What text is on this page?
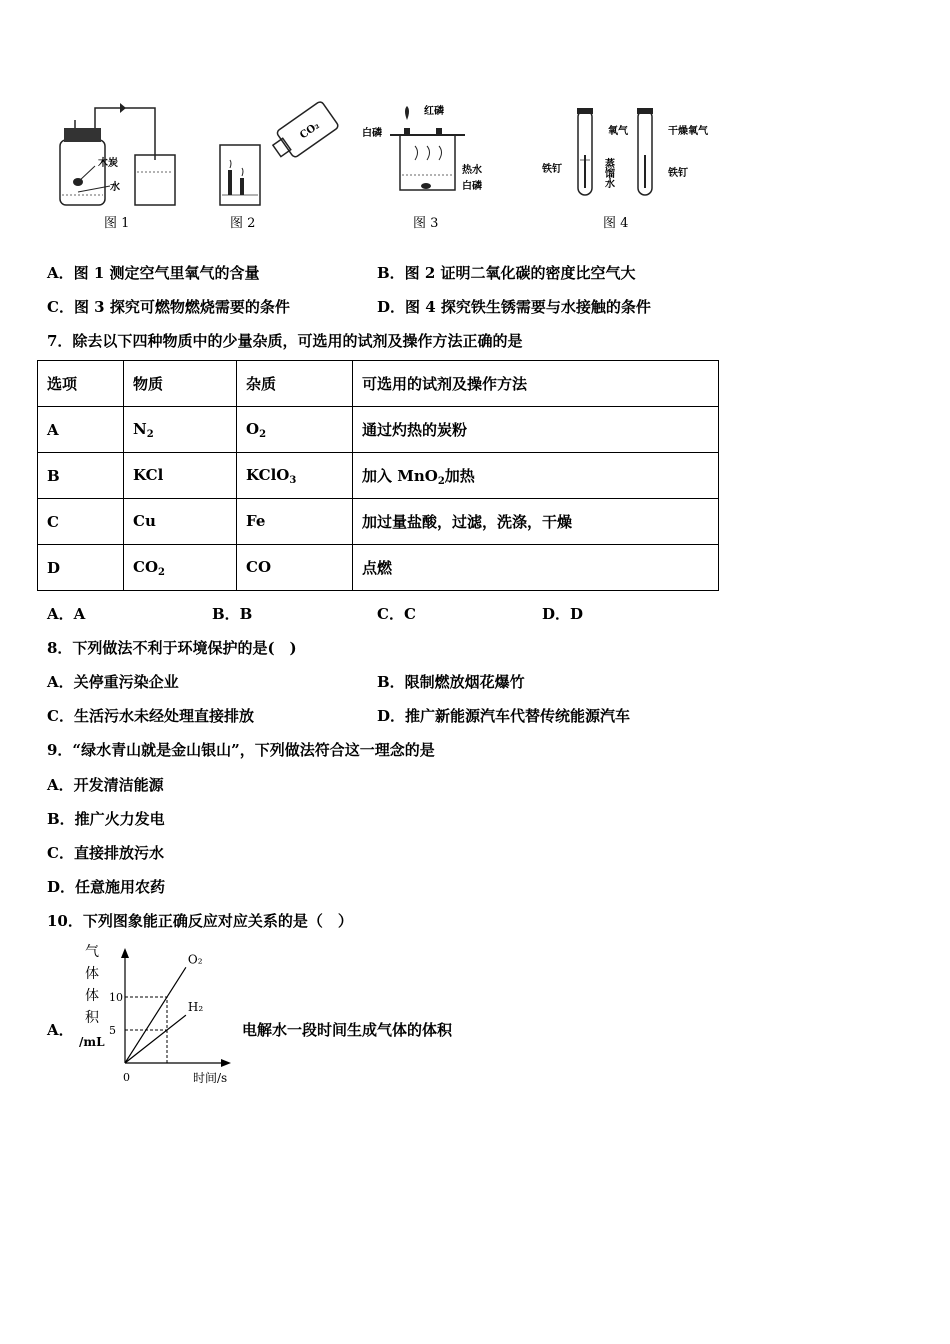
木炭
水
图 1
CO₂
图 2
红磷
白磷
热水
白磷
图 3
氧气
蒸馏水
铁钉
干燥氧气
铁钉
图 4
A．图 1 测定空气里氧气的含量	B．图 2 证明二氧化碳的密度比空气大
C．图 3 探究可燃物燃烧需要的条件	D．图 4 探究铁生锈需要与水接触的条件
7．除去以下四种物质中的少量杂质，可选用的试剂及操作方法正确的是
选项	物质	杂质	可选用的试剂及操作方法
A	$N_2$	$O_2$	通过灼热的炭粉
B	KCl	KClO$_3$	加入 MnO$_2$加热
C	Cu	Fe	加过量盐酸，过滤，洗涤，干燥
D	$CO_2$	CO	点燃
A．A	B．B	C．C	D．D
8．下列做法不利于环境保护的是(　)
A．关停重污染企业	B．限制燃放烟花爆竹
C．生活污水未经处理直接排放	D．推广新能源汽车代替传统能源汽车
9．“绿水青山就是金山银山”，下列做法符合这一理念的是
A．开发清洁能源
B．推广火力发电
C．直接排放污水
D．任意施用农药
10．下列图象能正确反应对应关系的是（　）
A．
气
体
体
积
/mL
0	时间/s
5
10
O₂
H₂
电解水一段时间生成气体的体积
